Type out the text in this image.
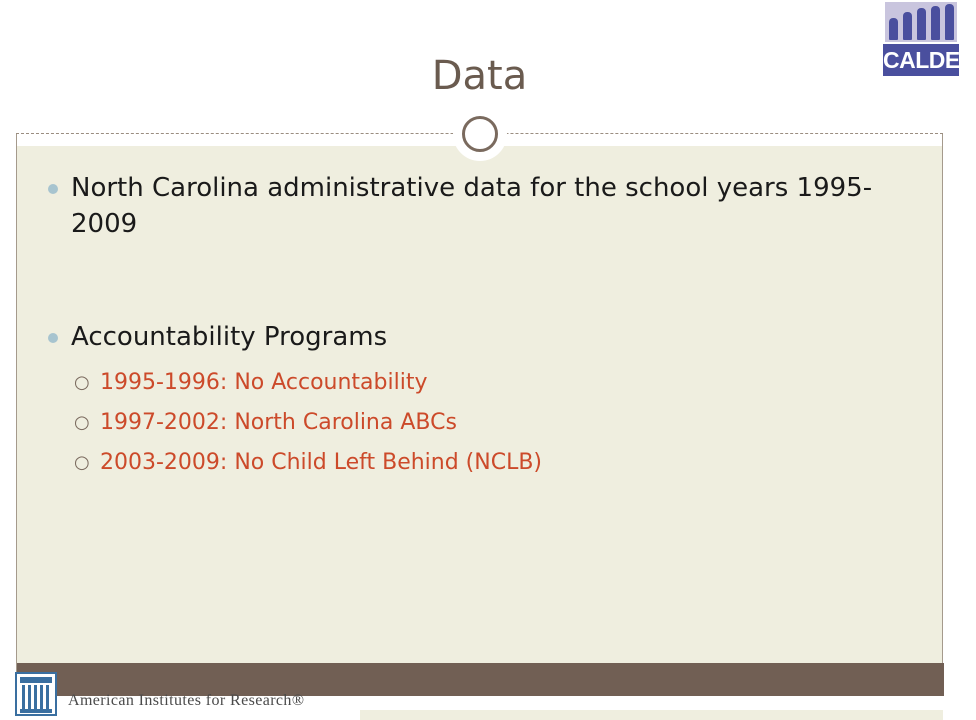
Data
North Carolina administrative data for the school years 1995-2009
Accountability Programs
○ 1995-1996: No Accountability
○ 1997-2002: North Carolina ABCs
○ 2003-2009: No Child Left Behind (NCLB)
CALDER
American Institutes for Research®
